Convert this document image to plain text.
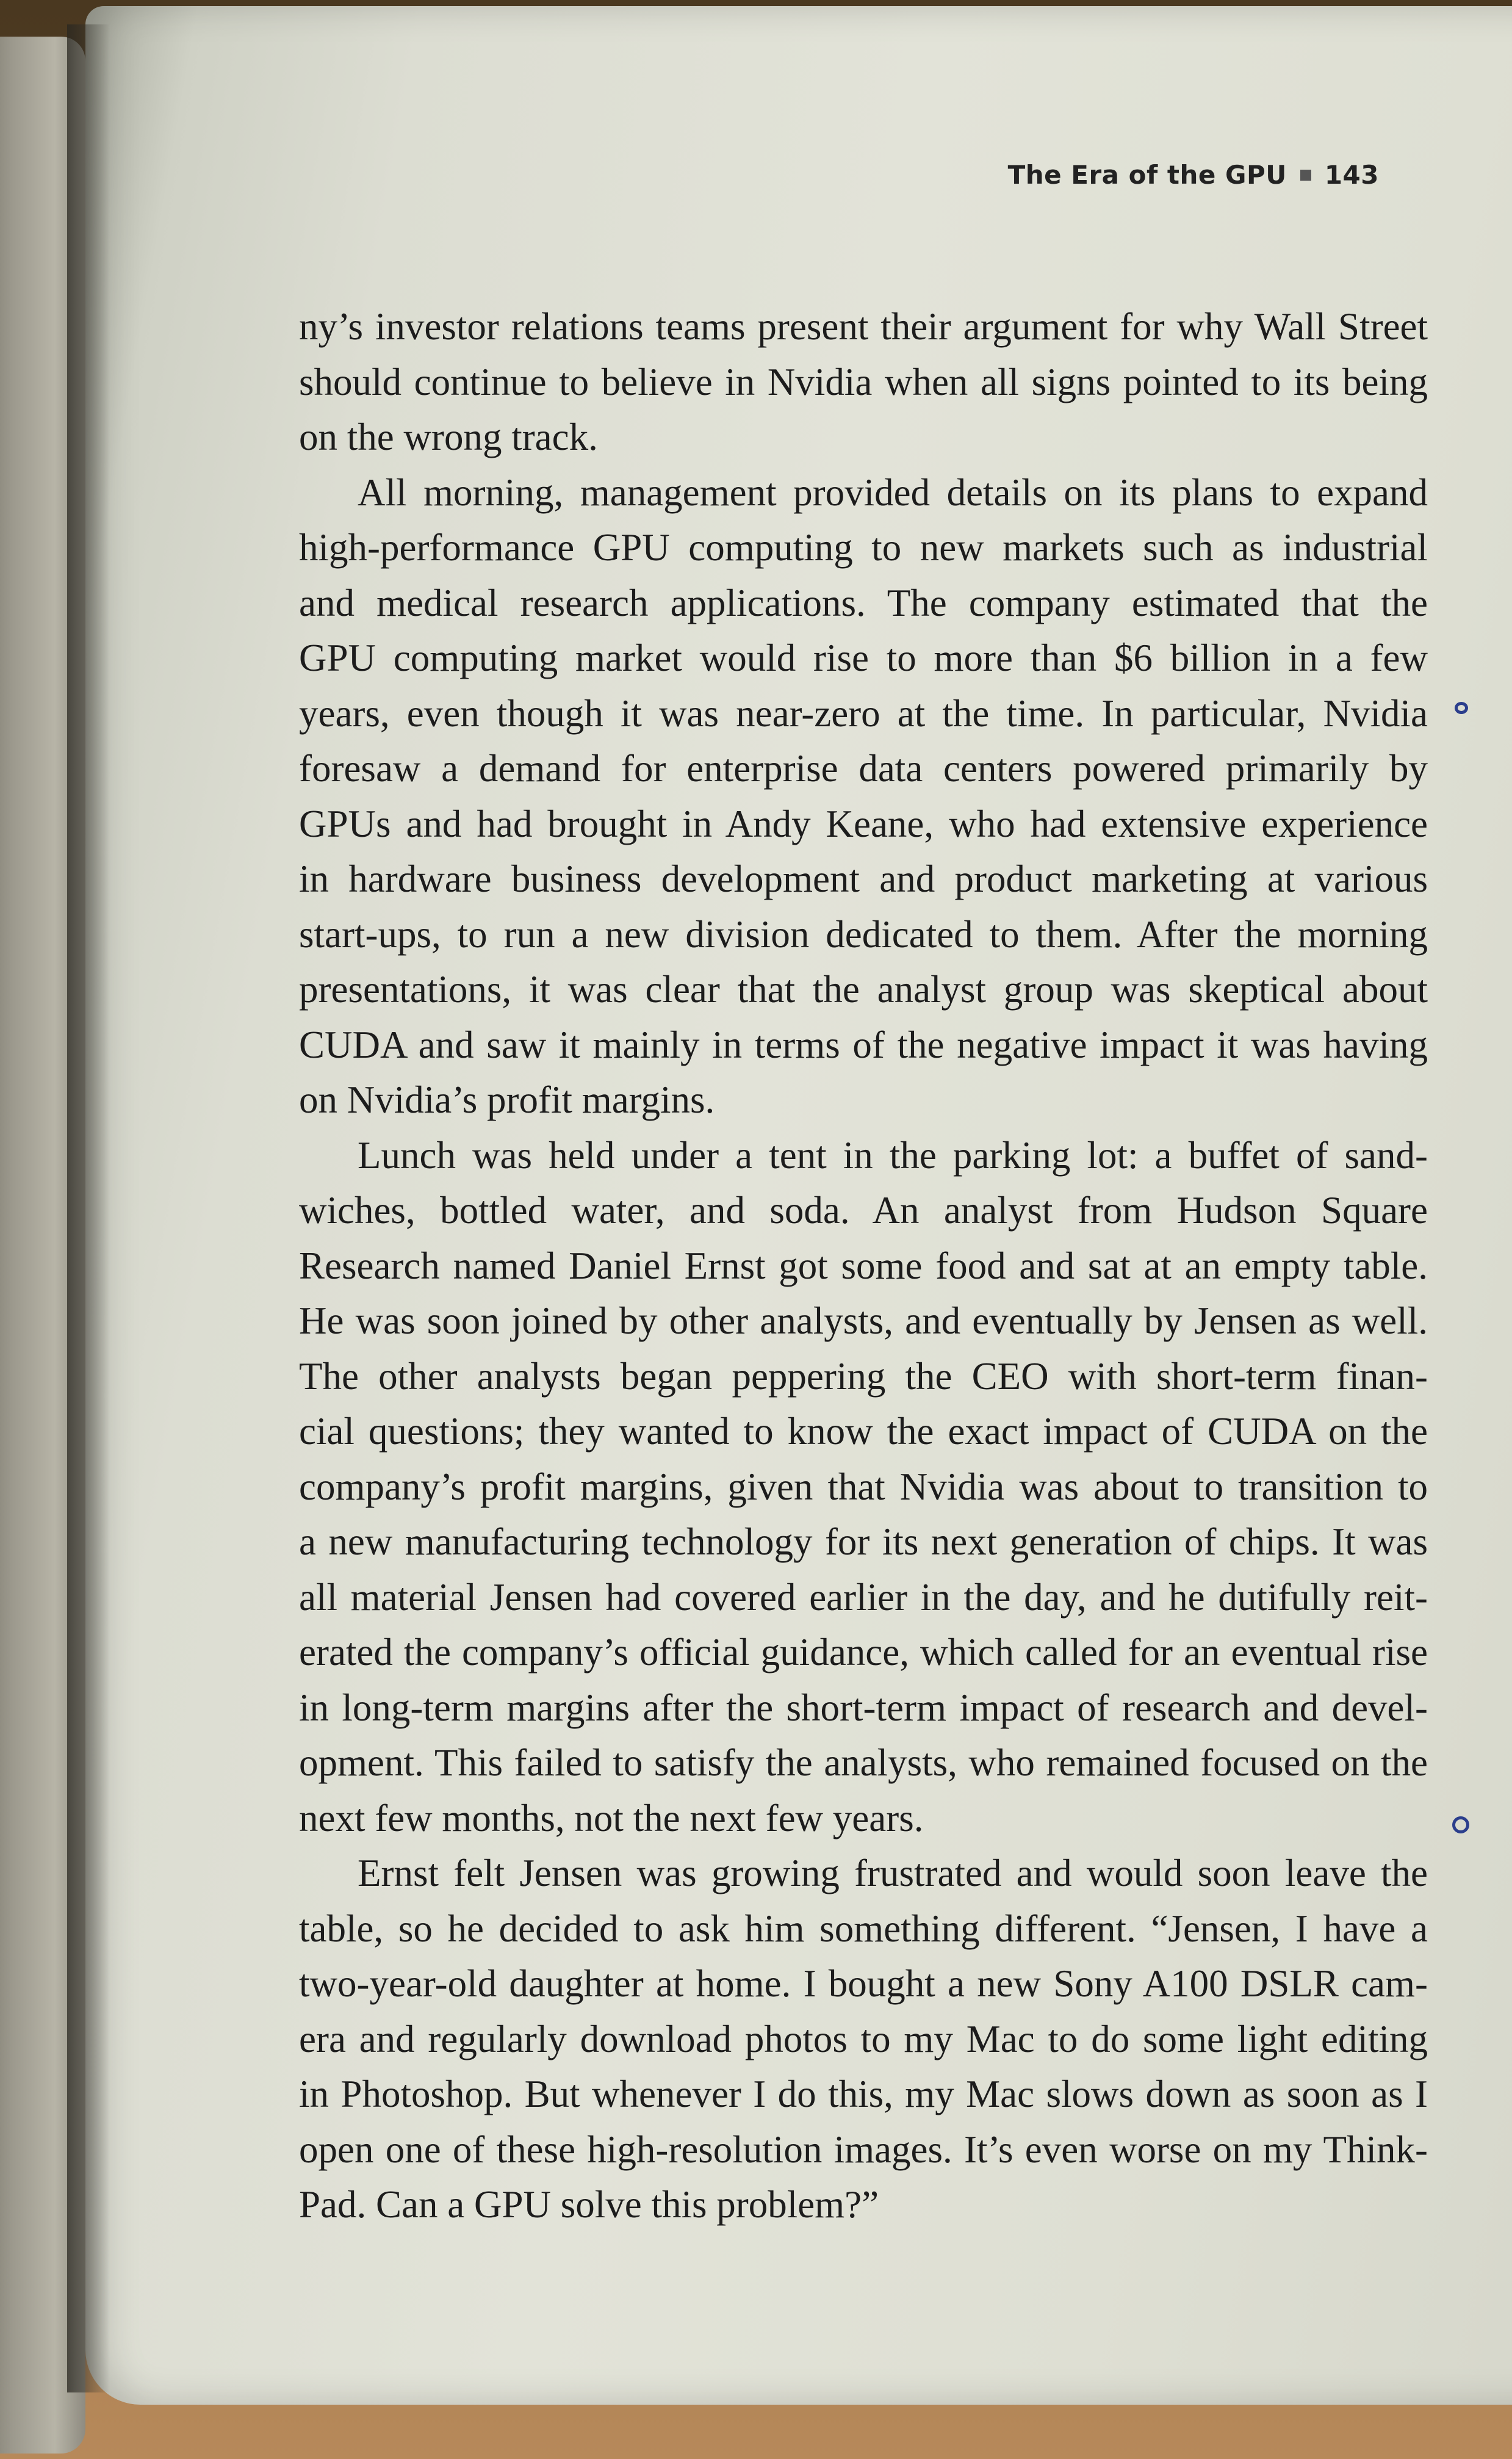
The Era of the GPU 143
ny’s investor relations teams present their argument for why Wall Street
should continue to believe in Nvidia when all signs pointed to its being
on the wrong track.
All morning, management provided details on its plans to expand
high-performance GPU computing to new markets such as industrial
and medical research applications. The company estimated that the
GPU computing market would rise to more than $6 billion in a few
years, even though it was near-zero at the time. In particular, Nvidia
foresaw a demand for enterprise data centers powered primarily by
GPUs and had brought in Andy Keane, who had extensive experience
in hardware business development and product marketing at various
start-ups, to run a new division dedicated to them. After the morning
presentations, it was clear that the analyst group was skeptical about
CUDA and saw it mainly in terms of the negative impact it was having
on Nvidia’s profit margins.
Lunch was held under a tent in the parking lot: a buffet of sand-
wiches, bottled water, and soda. An analyst from Hudson Square
Research named Daniel Ernst got some food and sat at an empty table.
He was soon joined by other analysts, and eventually by Jensen as well.
The other analysts began peppering the CEO with short-term finan-
cial questions; they wanted to know the exact impact of CUDA on the
company’s profit margins, given that Nvidia was about to transition to
a new manufacturing technology for its next generation of chips. It was
all material Jensen had covered earlier in the day, and he dutifully reit-
erated the company’s official guidance, which called for an eventual rise
in long-term margins after the short-term impact of research and devel-
opment. This failed to satisfy the analysts, who remained focused on the
next few months, not the next few years.
Ernst felt Jensen was growing frustrated and would soon leave the
table, so he decided to ask him something different. “Jensen, I have a
two-year-old daughter at home. I bought a new Sony A100 DSLR cam-
era and regularly download photos to my Mac to do some light editing
in Photoshop. But whenever I do this, my Mac slows down as soon as I
open one of these high-resolution images. It’s even worse on my Think-
Pad. Can a GPU solve this problem?”
